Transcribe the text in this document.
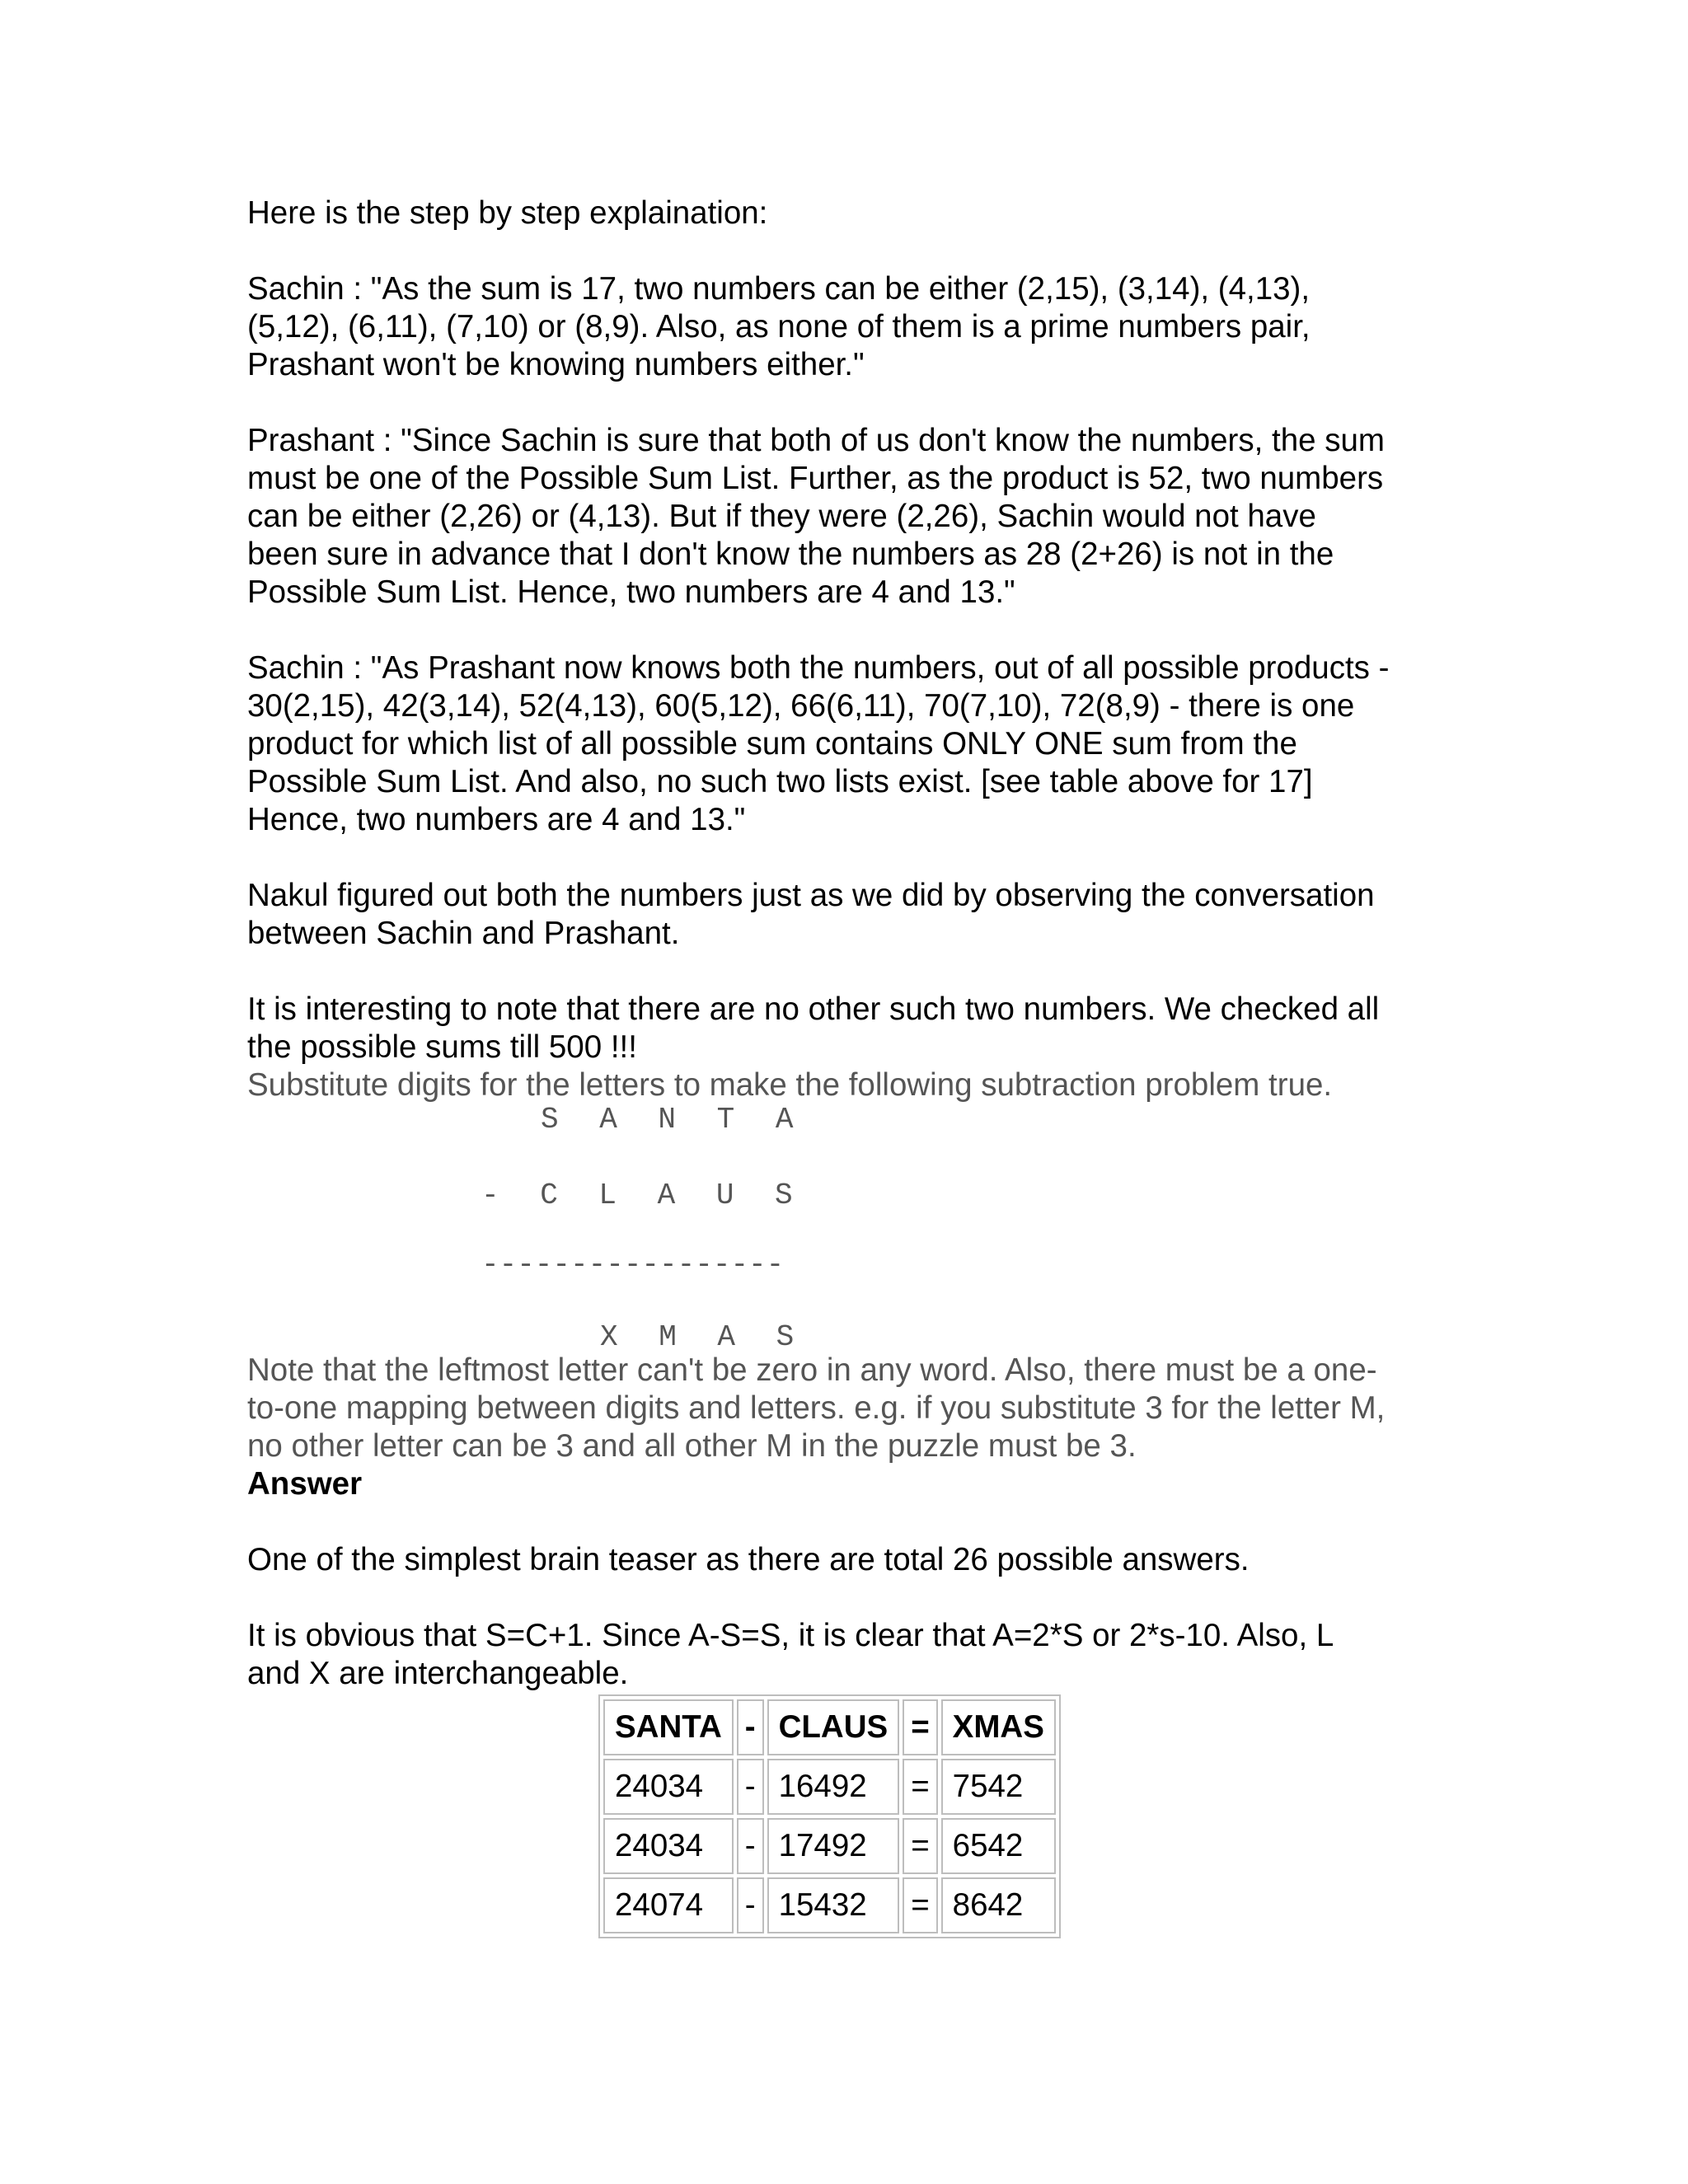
Here is the step by step explaination:

Sachin : "As the sum is 17, two numbers can be either (2,15), (3,14), (4,13),
(5,12), (6,11), (7,10) or (8,9). Also, as none of them is a prime numbers pair,
Prashant won't be knowing numbers either."

Prashant : "Since Sachin is sure that both of us don't know the numbers, the sum
must be one of the Possible Sum List. Further, as the product is 52, two numbers
can be either (2,26) or (4,13). But if they were (2,26), Sachin would not have
been sure in advance that I don't know the numbers as 28 (2+26) is not in the
Possible Sum List. Hence, two numbers are 4 and 13."

Sachin : "As Prashant now knows both the numbers, out of all possible products -
30(2,15), 42(3,14), 52(4,13), 60(5,12), 66(6,11), 70(7,10), 72(8,9) - there is one
product for which list of all possible sum contains ONLY ONE sum from the
Possible Sum List. And also, no such two lists exist. [see table above for 17]
Hence, two numbers are 4 and 13."

Nakul figured out both the numbers just as we did by observing the conversation
between Sachin and Prashant.

It is interesting to note that there are no other such two numbers. We checked all
the possible sums till 500 !!!

Substitute digits for the letters to make the following subtraction problem true.

S A N T A

- C L A U S

-----------------

X M A S

Note that the leftmost letter can't be zero in any word. Also, there must be a one-
to-one mapping between digits and letters. e.g. if you substitute 3 for the letter M,
no other letter can be 3 and all other M in the puzzle must be 3.

Answer

One of the simplest brain teaser as there are total 26 possible answers.

It is obvious that S=C+1. Since A-S=S, it is clear that A=2*S or 2*s-10. Also, L
and X are interchangeable.

SANTA	-	CLAUS	=	XMAS
24034	-	16492	=	7542
24034	-	17492	=	6542
24074	-	15432	=	8642
